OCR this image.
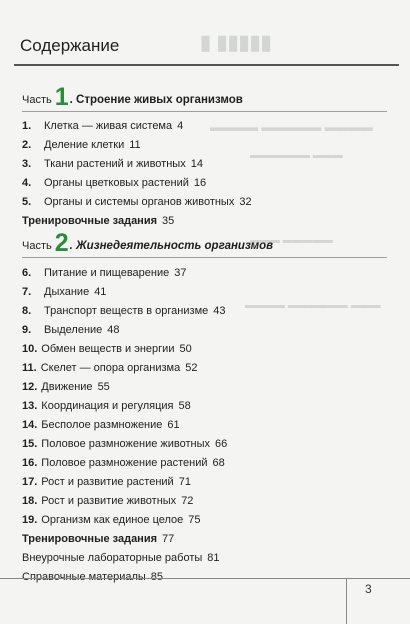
▮▮▮▮▮ ▮
▬▬▬▬ ▬▬▬▬▬ ▬▬▬▬
▬▬▬ ▬▬▬▬▬▬
▬▬▬▬▬ ▬▬▬
▬▬▬ ▬▬▬▬▬▬ ▬▬▬▬
Содержание
Часть 1 . Строение живых организмов
1. Клетка — живая система 4
2. Деление клетки 11
3. Ткани растений и животных 14
4. Органы цветковых растений 16
5. Органы и системы органов животных 32
Тренировочные задания 35
Часть 2 . Жизнедеятельность организмов
6. Питание и пищеварение 37
7. Дыхание 41
8. Транспорт веществ в организме 43
9. Выделение 48
10. Обмен веществ и энергии 50
11. Скелет — опора организма 52
12. Движение 55
13. Координация и регуляция 58
14. Бесполое размножение 61
15. Половое размножение животных 66
16. Половое размножение растений 68
17. Рост и развитие растений 71
18. Рост и развитие животных 72
19. Организм как единое целое 75
Тренировочные задания 77
Внеурочные лабораторные работы 81
Справочные материалы 85
3
